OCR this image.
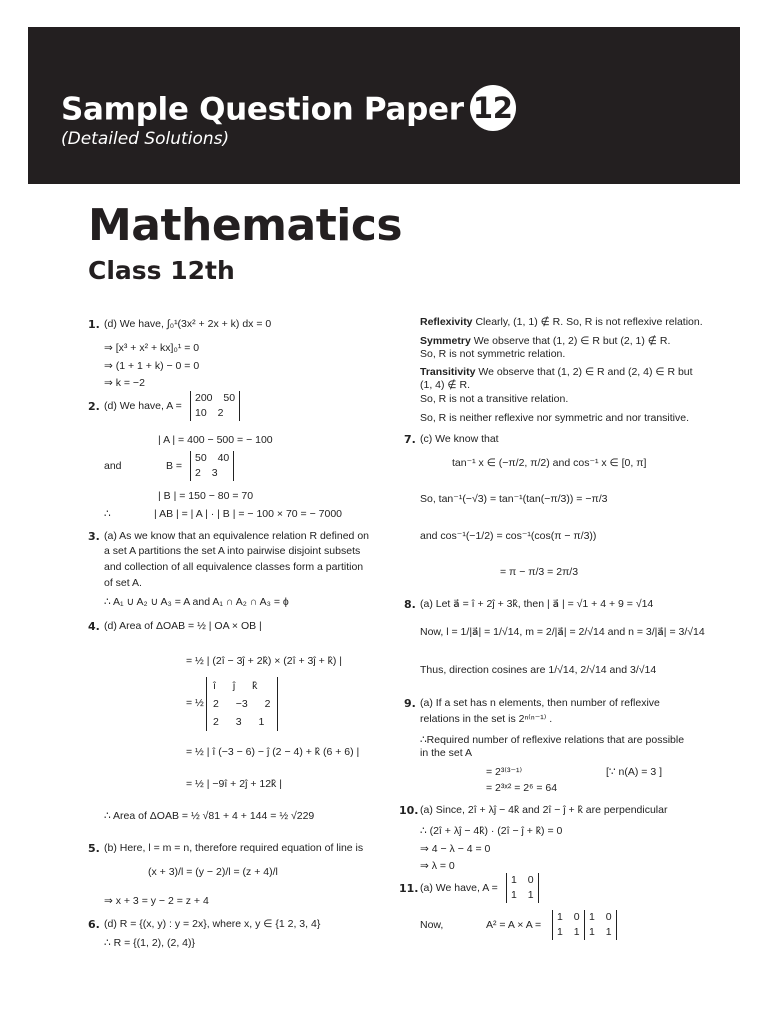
Sample Question Paper 12
(Detailed Solutions)
Mathematics
Class 12th
1. (d) We have, ∫₀¹(3x² + 2x + k) dx = 0
⇒ [x³ + x² + kx]₀¹ = 0
⇒ (1 + 1 + k) − 0 = 0
⇒ k = −2
2. (d) We have, A =
200 50
10 2
| A | = 400 − 500 = − 100
and	B =
50 40
2 3
| B | = 150 − 80 = 70
∴	| AB | = | A | · | B | = − 100 × 70 = − 7000
3. (a) As we know that an equivalence relation R defined on
a set A partitions the set A into pairwise disjoint subsets
and collection of all equivalence classes form a partition
of set A.
∴ A₁ ∪ A₂ ∪ A₃ = A and A₁ ∩ A₂ ∩ A₃ = ϕ
4. (d) Area of ΔOAB = ½ | OA × OB |
= ½ | (2î − 3ĵ + 2k̂) × (2î + 3ĵ + k̂) |
= ½
î ĵ k̂
2 −3 2
2 3 1
= ½ | î (−3 − 6) − ĵ (2 − 4) + k̂ (6 + 6) |
= ½ | −9î + 2ĵ + 12k̂ |
∴ Area of ΔOAB = ½ √81 + 4 + 144 = ½ √229
5. (b) Here, l = m = n, therefore required equation of line is
(x + 3)/l = (y − 2)/l = (z + 4)/l
⇒ x + 3 = y − 2 = z + 4
6. (d) R = {(x, y) : y = 2x}, where x, y ∈ {1 2, 3, 4}
∴ R = {(1, 2), (2, 4)}
Reflexivity Clearly, (1, 1) ∉ R. So, R is not reflexive relation.
Symmetry We observe that (1, 2) ∈ R but (2, 1) ∉ R.
So, R is not symmetric relation.
Transitivity We observe that (1, 2) ∈ R and (2, 4) ∈ R but
(1, 4) ∉ R.
So, R is not a transitive relation.
So, R is neither reflexive nor symmetric and nor transitive.
7. (c) We know that
tan⁻¹ x ∈ (−π/2, π/2) and cos⁻¹ x ∈ [0, π]
So, tan⁻¹(−√3) = tan⁻¹(tan(−π/3)) = −π/3
and cos⁻¹(−1/2) = cos⁻¹(cos(π − π/3))
= π − π/3 = 2π/3
8. (a) Let a⃗ = î + 2ĵ + 3k̂, then | a⃗ | = √1 + 4 + 9 = √14
Now, l = 1/|a⃗| = 1/√14, m = 2/|a⃗| = 2/√14 and n = 3/|a⃗| = 3/√14
Thus, direction cosines are 1/√14, 2/√14 and 3/√14
9. (a) If a set has n elements, then number of reflexive
relations in the set is 2ⁿ⁽ⁿ⁻¹⁾ .
∴Required number of reflexive relations that are possible
in the set A
= 2³⁽³⁻¹⁾	[∵ n(A) = 3 ]
= 2³ˣ² = 2⁶ = 64
10. (a) Since, 2î + λĵ − 4k̂ and 2î − ĵ + k̂ are perpendicular
∴ (2î + λĵ − 4k̂) · (2î − ĵ + k̂) = 0
⇒ 4 − λ − 4 = 0
⇒ λ = 0
11. (a) We have, A =
1 0
1 1
Now,	A² = A × A =
1 0
1 1
1 0
1 1
